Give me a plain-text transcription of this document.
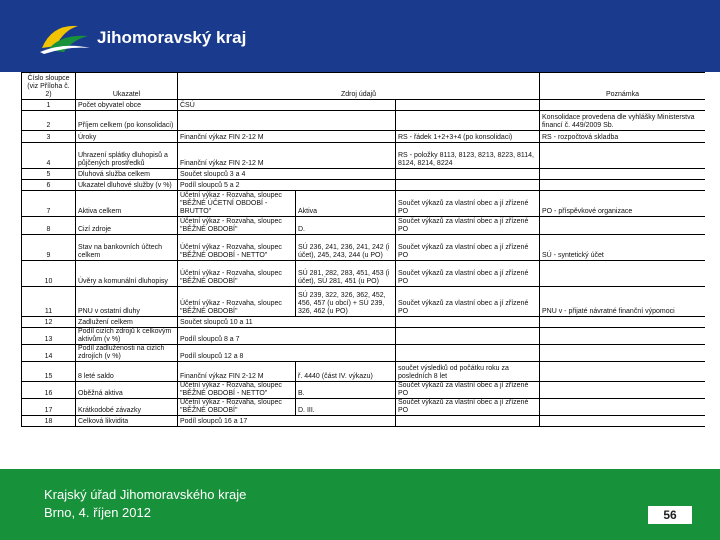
Jihomoravský kraj
Číslo sloupce (viz Příloha č. 2)	Ukazatel	Zdroj údajů			Poznámka
1	Počet obyvatel obce	ČSÚ			
2	Příjem celkem (po konsolidaci)				Konsolidace provedena dle vyhlášky Ministerstva financí č. 449/2009 Sb.
3	Úroky	Finanční výkaz FIN 2-12 M		RS - řádek 1+2+3+4 (po konsolidaci)	RS - rozpočtová skladba
4	Uhrazení splátky dluhopisů a půjčených prostředků	Finanční výkaz FIN 2-12 M		RS - položky 8113, 8123, 8213, 8223, 8114, 8124, 8214, 8224	
5	Dluhová služba celkem	Součet sloupců 3 a 4			
6	Ukazatel dluhové služby (v %)	Podíl sloupců 5 a 2			
7	Aktiva celkem	Účetní výkaz - Rozvaha, sloupec "BĚŽNÉ ÚČETNÍ OBDOBÍ - BRUTTO"	Aktiva	Součet výkazů za vlastní obec a jí zřízené PO	PO - příspěvkové organizace
8	Cizí zdroje	Účetní výkaz - Rozvaha, sloupec "BĚŽNÉ OBDOBÍ"	D.	Součet výkazů za vlastní obec a jí zřízené PO	
9	Stav na bankovních účtech celkem	Účetní výkaz - Rozvaha, sloupec "BĚŽNÉ OBDOBÍ - NETTO"	SÚ 236, 241, 236, 241, 242 (i účet), 245, 243, 244 (u PO)	Součet výkazů za vlastní obec a jí zřízené PO	SÚ - syntetický účet
10	Úvěry a komunální dluhopisy	Účetní výkaz - Rozvaha, sloupec "BĚŽNÉ OBDOBÍ"	SÚ 281, 282, 283, 451, 453 (i účet), SÚ 281, 451 (u PO)	Součet výkazů za vlastní obec a jí zřízené PO	
11	PNU v ostatní dluhy	Účetní výkaz - Rozvaha, sloupec "BĚŽNÉ OBDOBÍ"	SÚ 239, 322, 326, 362, 452, 456, 457 (u obcí) + SÚ 239, 326, 462 (u PO)	Součet výkazů za vlastní obec a jí zřízené PO	PNU v - přijaté návratné finanční výpomoci
12	Zadlužení celkem	Součet sloupců 10 a 11			
13	Podíl cizích zdrojů k celkovým aktivům (v %)	Podíl sloupců 8 a 7			
14	Podíl zadluženosti na cizích zdrojích (v %)	Podíl sloupců 12 a 8			
15	8 leté saldo	Finanční výkaz FIN 2-12 M	ř. 4440 (část IV. výkazu)	součet výsledků od počátku roku za posledních 8 let	
16	Oběžná aktiva	Účetní výkaz - Rozvaha, sloupec "BĚŽNÉ OBDOBÍ - NETTO"	B.	Součet výkazů za vlastní obec a jí zřízené PO	
17	Krátkodobé závazky	Účetní výkaz - Rozvaha, sloupec "BĚŽNÉ OBDOBÍ"	D. III.	Součet výkazů za vlastní obec a jí zřízené PO	
18	Celková likvidita	Podíl sloupců 16 a 17			
Krajský úřad Jihomoravského kraje
Brno, 4. říjen 2012	56
